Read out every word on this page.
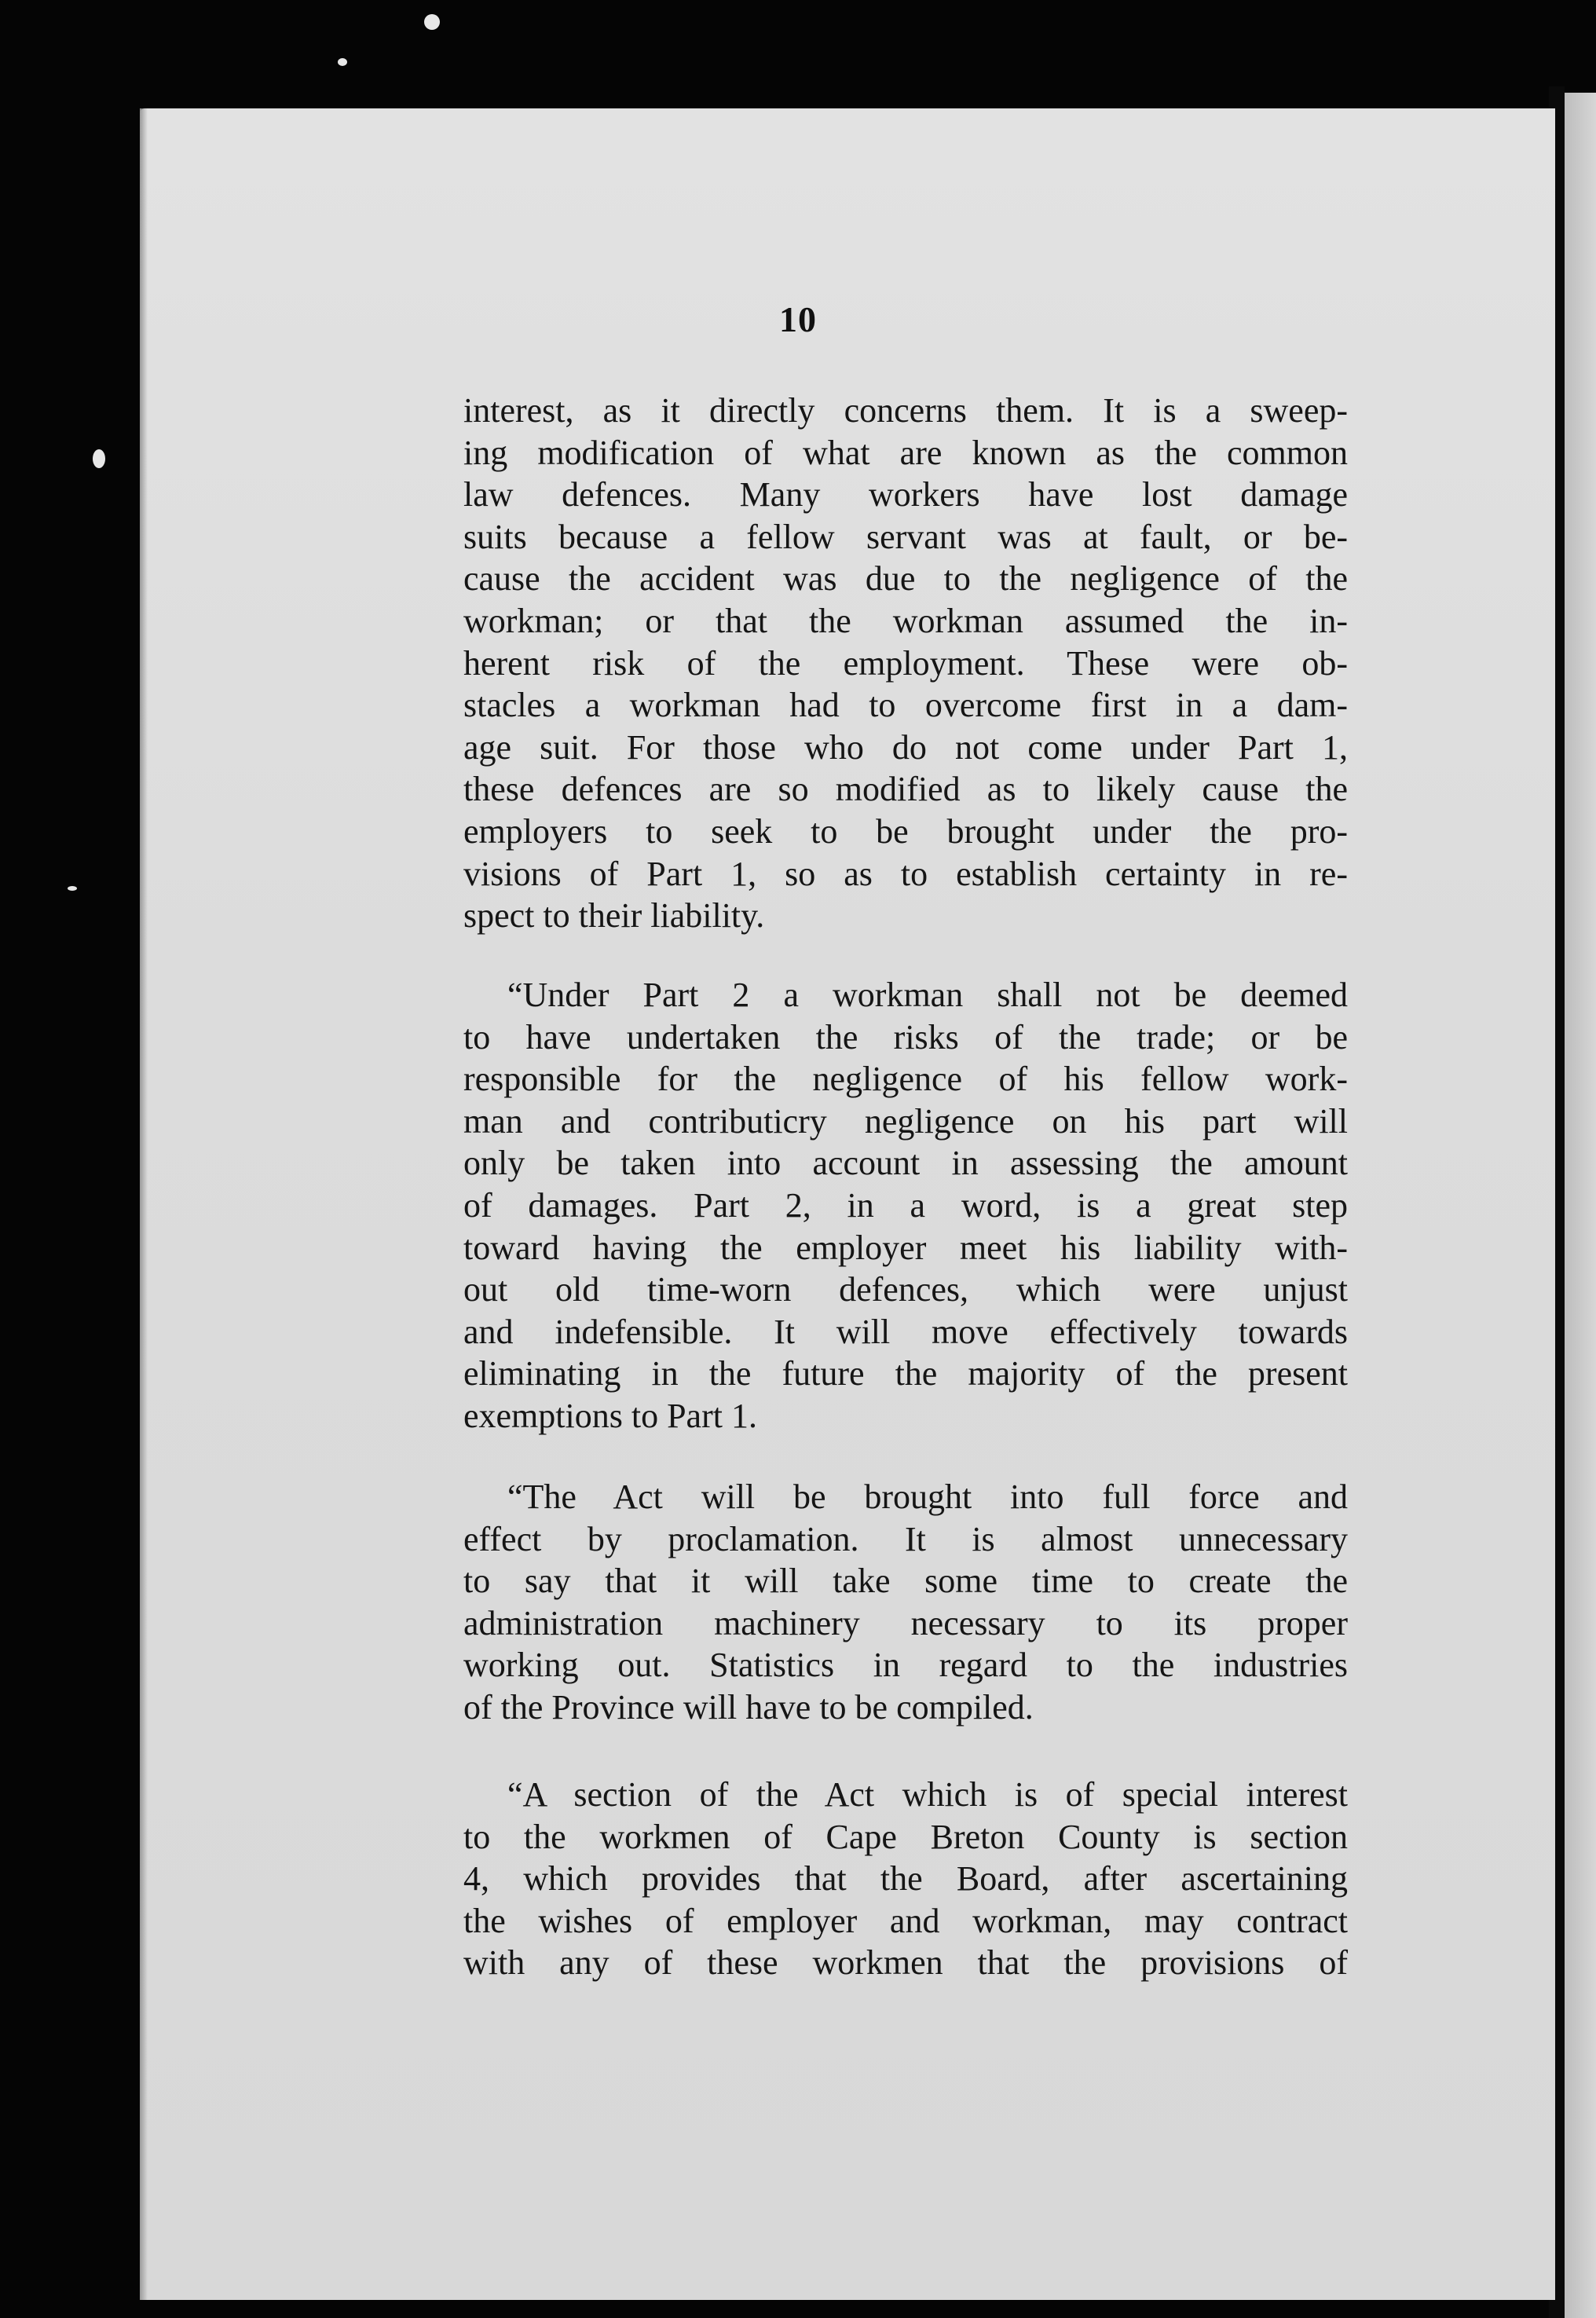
10
interest, as it directly concerns them. It is a sweep-
ing modification of what are known as the common
law defences. Many workers have lost damage
suits because a fellow servant was at fault, or be-
cause the accident was due to the negligence of the
workman; or that the workman assumed the in-
herent risk of the employment. These were ob-
stacles a workman had to overcome first in a dam-
age suit. For those who do not come under Part 1,
these defences are so modified as to likely cause the
employers to seek to be brought under the pro-
visions of Part 1, so as to establish certainty in re-
spect to their liability.
“Under Part 2 a workman shall not be deemed
to have undertaken the risks of the trade; or be
responsible for the negligence of his fellow work-
man and contributicry negligence on his part will
only be taken into account in assessing the amount
of damages. Part 2, in a word, is a great step
toward having the employer meet his liability with-
out old time-worn defences, which were unjust
and indefensible. It will move effectively towards
eliminating in the future the majority of the present
exemptions to Part 1.
“The Act will be brought into full force and
effect by proclamation. It is almost unnecessary
to say that it will take some time to create the
administration machinery necessary to its proper
working out. Statistics in regard to the industries
of the Province will have to be compiled.
“A section of the Act which is of special interest
to the workmen of Cape Breton County is section
4, which provides that the Board, after ascertaining
the wishes of employer and workman, may contract
with any of these workmen that the provisions of
